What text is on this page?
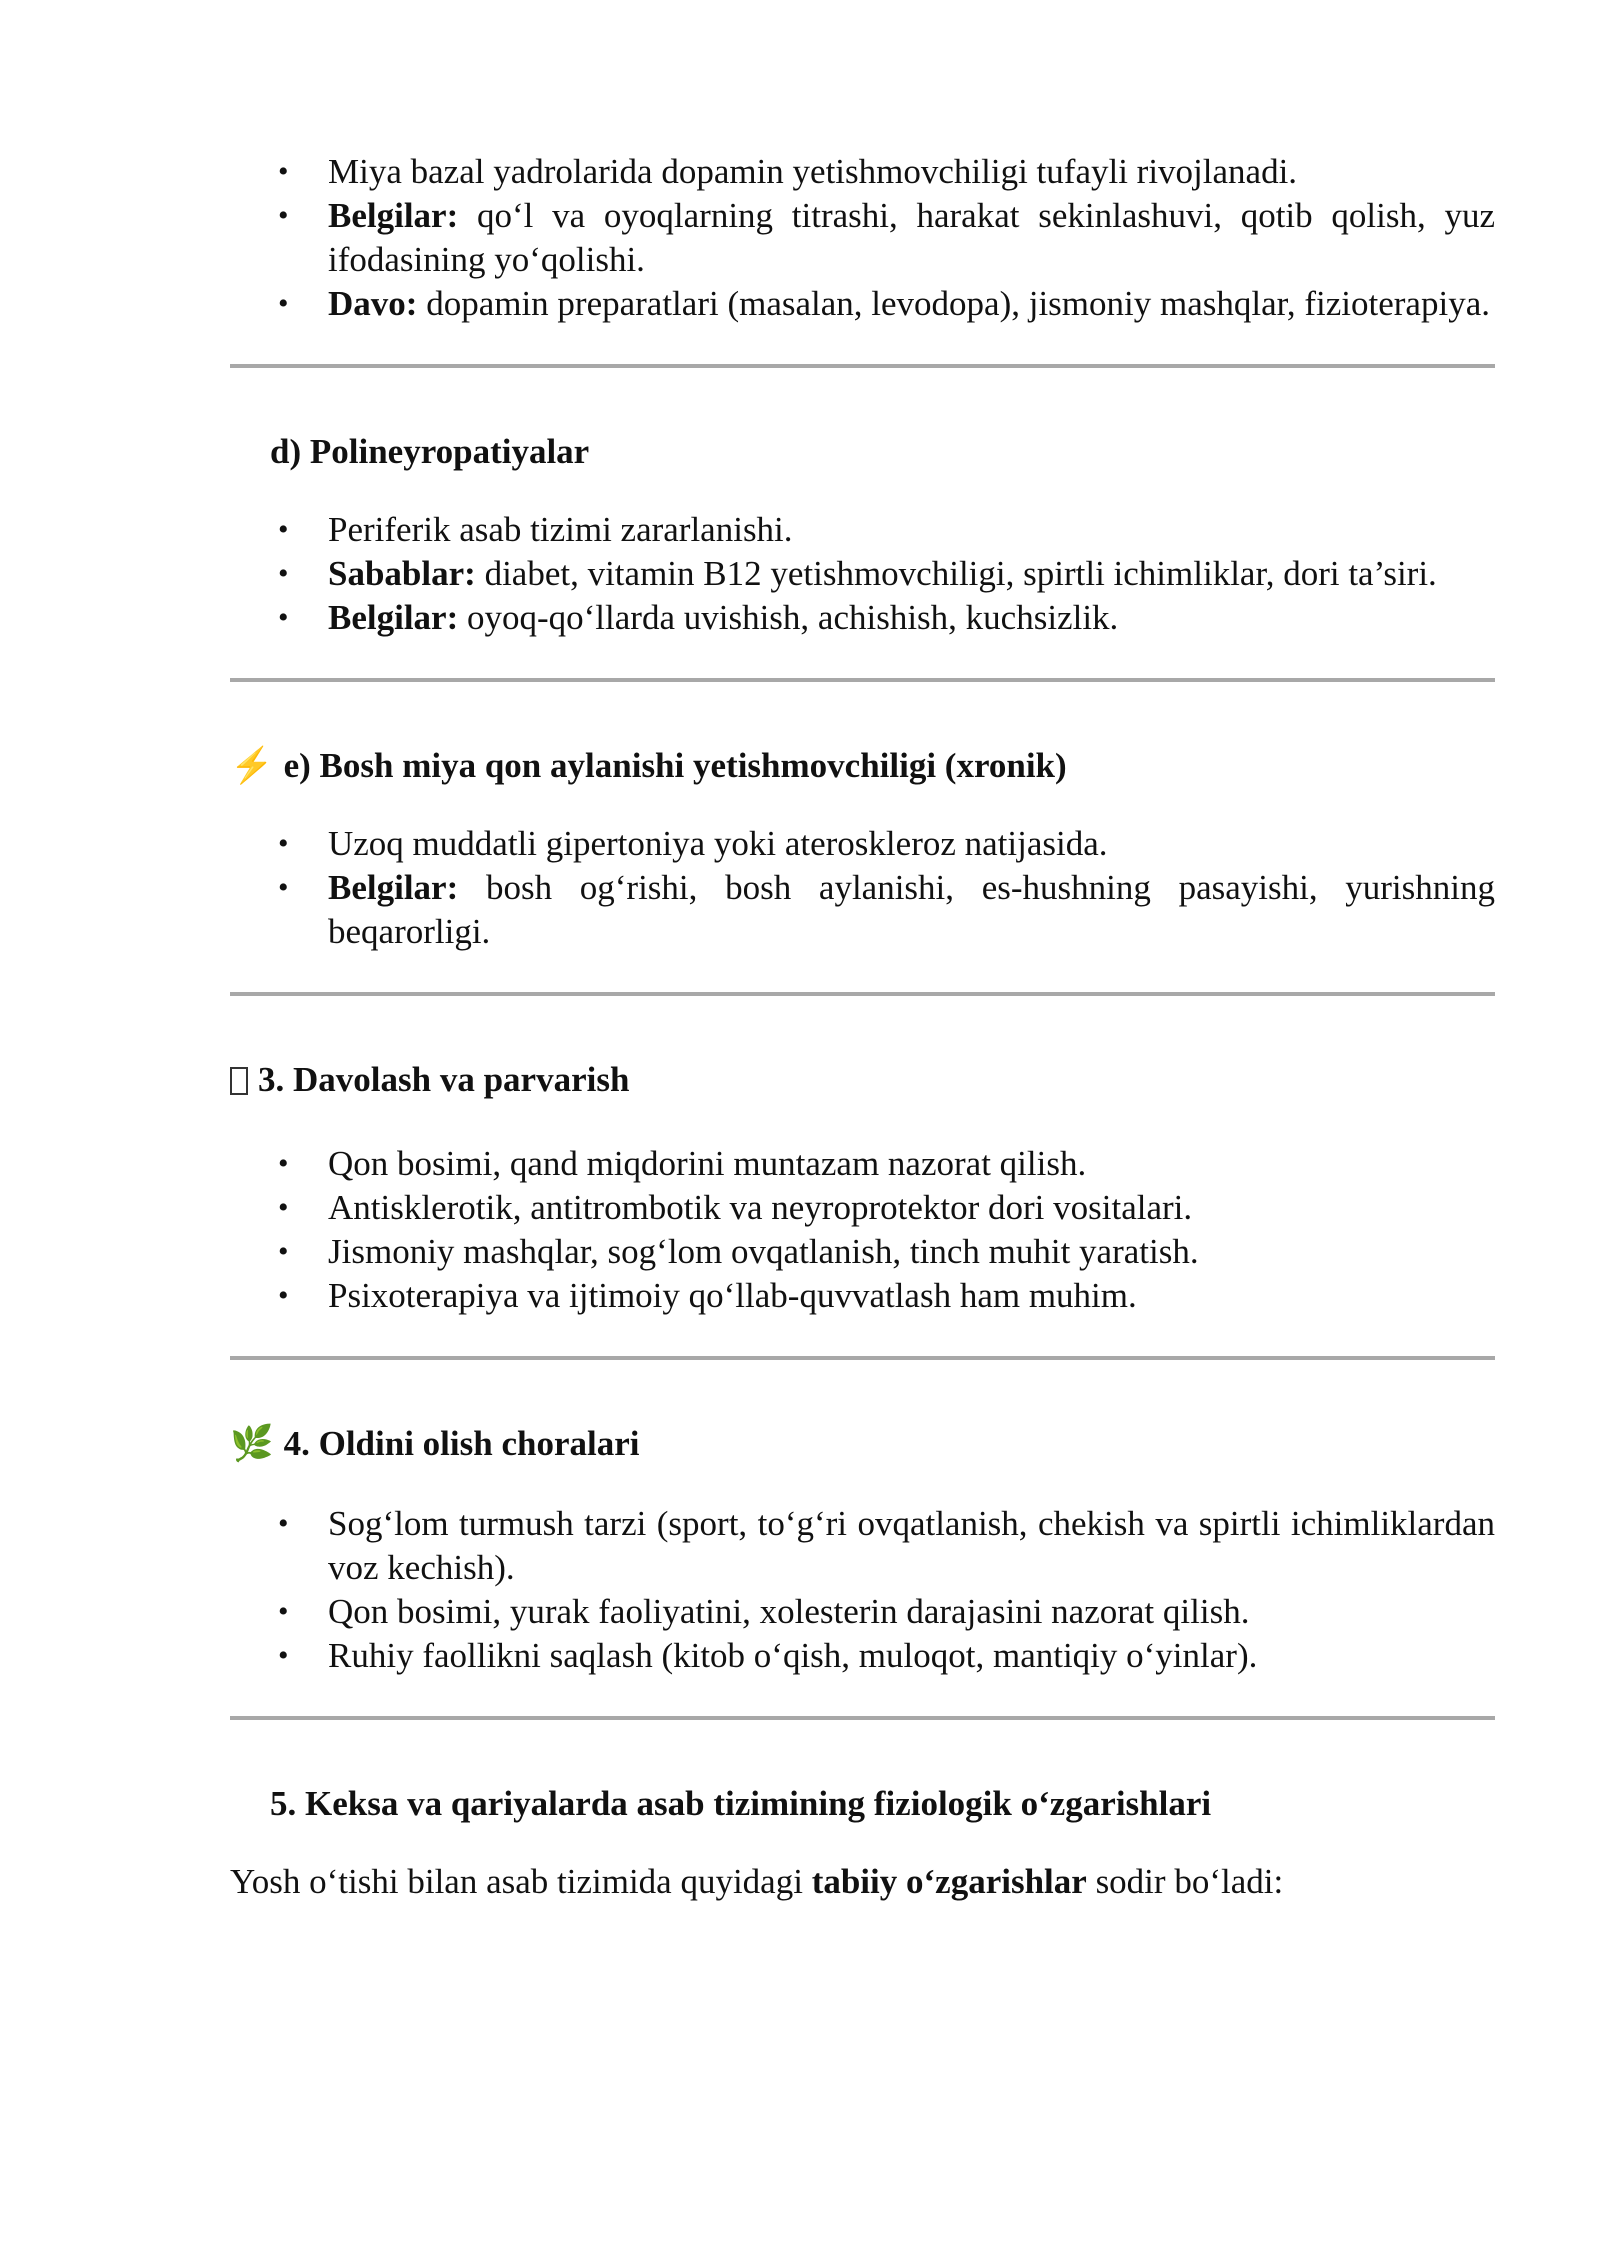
• Miya bazal yadrolarida dopamin yetishmovchiligi tufayli rivojlanadi.
• Belgilar: qo‘l va oyoqlarning titrashi, harakat sekinlashuvi, qotib qolish, yuz ifodasining yo‘qolishi.
• Davo: dopamin preparatlari (masalan, levodopa), jismoniy mashqlar, fizioterapiya.
d) Polineyropatiyalar
• Periferik asab tizimi zararlanishi.
• Sabablar: diabet, vitamin B12 yetishmovchiligi, spirtli ichimliklar, dori ta’siri.
• Belgilar: oyoq-qo‘llarda uvishish, achishish, kuchsizlik.
⚡ e) Bosh miya qon aylanishi yetishmovchiligi (xronik)
• Uzoq muddatli gipertoniya yoki ateroskleroz natijasida.
• Belgilar: bosh og‘rishi, bosh aylanishi, es-hushning pasayishi, yurishning beqarorligi.
3. Davolash va parvarish
• Qon bosimi, qand miqdorini muntazam nazorat qilish.
• Antisklerotik, antitrombotik va neyroprotektor dori vositalari.
• Jismoniy mashqlar, sog‘lom ovqatlanish, tinch muhit yaratish.
• Psixoterapiya va ijtimoiy qo‘llab-quvvatlash ham muhim.
🌿 4. Oldini olish choralari
• Sog‘lom turmush tarzi (sport, to‘g‘ri ovqatlanish, chekish va spirtli ichimliklardan voz kechish).
• Qon bosimi, yurak faoliyatini, xolesterin darajasini nazorat qilish.
• Ruhiy faollikni saqlash (kitob o‘qish, muloqot, mantiqiy o‘yinlar).
5. Keksa va qariyalarda asab tizimining fiziologik o‘zgarishlari

Yosh o‘tishi bilan asab tizimida quyidagi tabiiy o‘zgarishlar sodir bo‘ladi:
